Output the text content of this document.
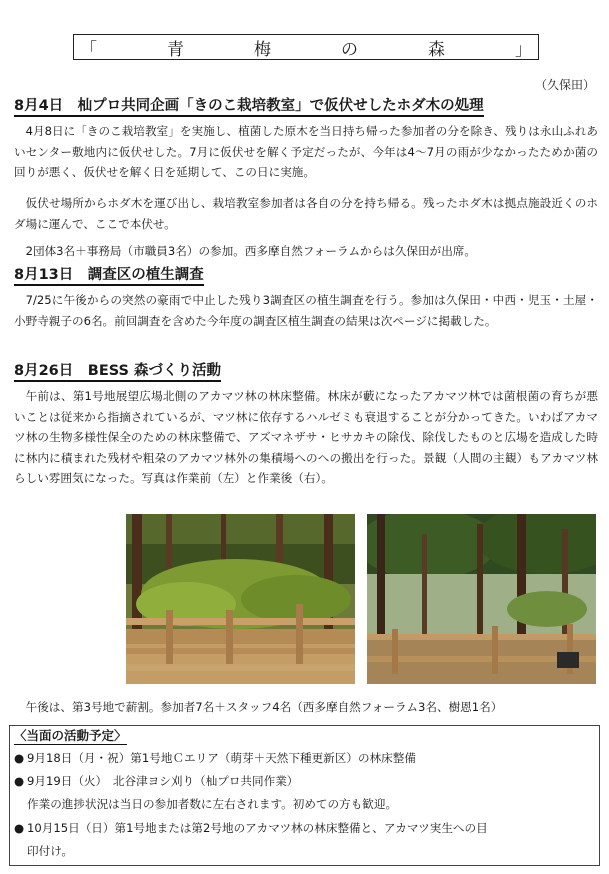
「	青	梅	の	森	」
（久保田）
8月4日　杣プロ共同企画「きのこ栽培教室」で仮伏せしたホダ木の処理

4月8日に「きのこ栽培教室」を実施し、植菌した原木を当日持ち帰った参加者の分を除き、残りは永山ふれあいセンター敷地内に仮伏せした。7月に仮伏せを解く予定だったが、今年は4～7月の雨が少なかったためか菌の回りが悪く、仮伏せを解く日を延期して、この日に実施。

仮伏せ場所からホダ木を運び出し、栽培教室参加者は各自の分を持ち帰る。残ったホダ木は拠点施設近くのホダ場に運んで、ここで本伏せ。

2団体3名＋事務局（市職員3名）の参加。西多摩自然フォーラムからは久保田が出席。

8月13日　調査区の植生調査

7/25に午後からの突然の豪雨で中止した残り3調査区の植生調査を行う。参加は久保田・中西・児玉・土屋・小野寺親子の6名。前回調査を含めた今年度の調査区植生調査の結果は次ページに掲載した。

8月26日　BESS 森づくり活動

午前は、第1号地展望広場北側のアカマツ林の林床整備。林床が藪になったアカマツ林では菌根菌の育ちが悪いことは従来から指摘されているが、マツ林に依存するハルゼミも衰退することが分かってきた。いわばアカマツ林の生物多様性保全のための林床整備で、アズマネザサ・ヒサカキの除伐、除伐したものと広場を造成した時に林内に積まれた残材や粗朶のアカマツ林外の集積場へのへの搬出を行った。景観（人間の主観）もアカマツ林らしい雰囲気になった。写真は作業前（左）と作業後（右）。

午後は、第3号地で薪割。参加者7名＋スタッフ4名（西多摩自然フォーラム3名、樹恩1名）

〈当面の活動予定〉
● 9月18日（月・祝）第1号地Ｃエリア（萌芽＋天然下種更新区）の林床整備
● 9月19日（火）　北谷津ヨシ刈り（杣プロ共同作業）
作業の進捗状況は当日の参加者数に左右されます。初めての方も歓迎。
● 10月15日（日）第1号地または第2号地のアカマツ林の林床整備と、アカマツ実生への目
印付け。
